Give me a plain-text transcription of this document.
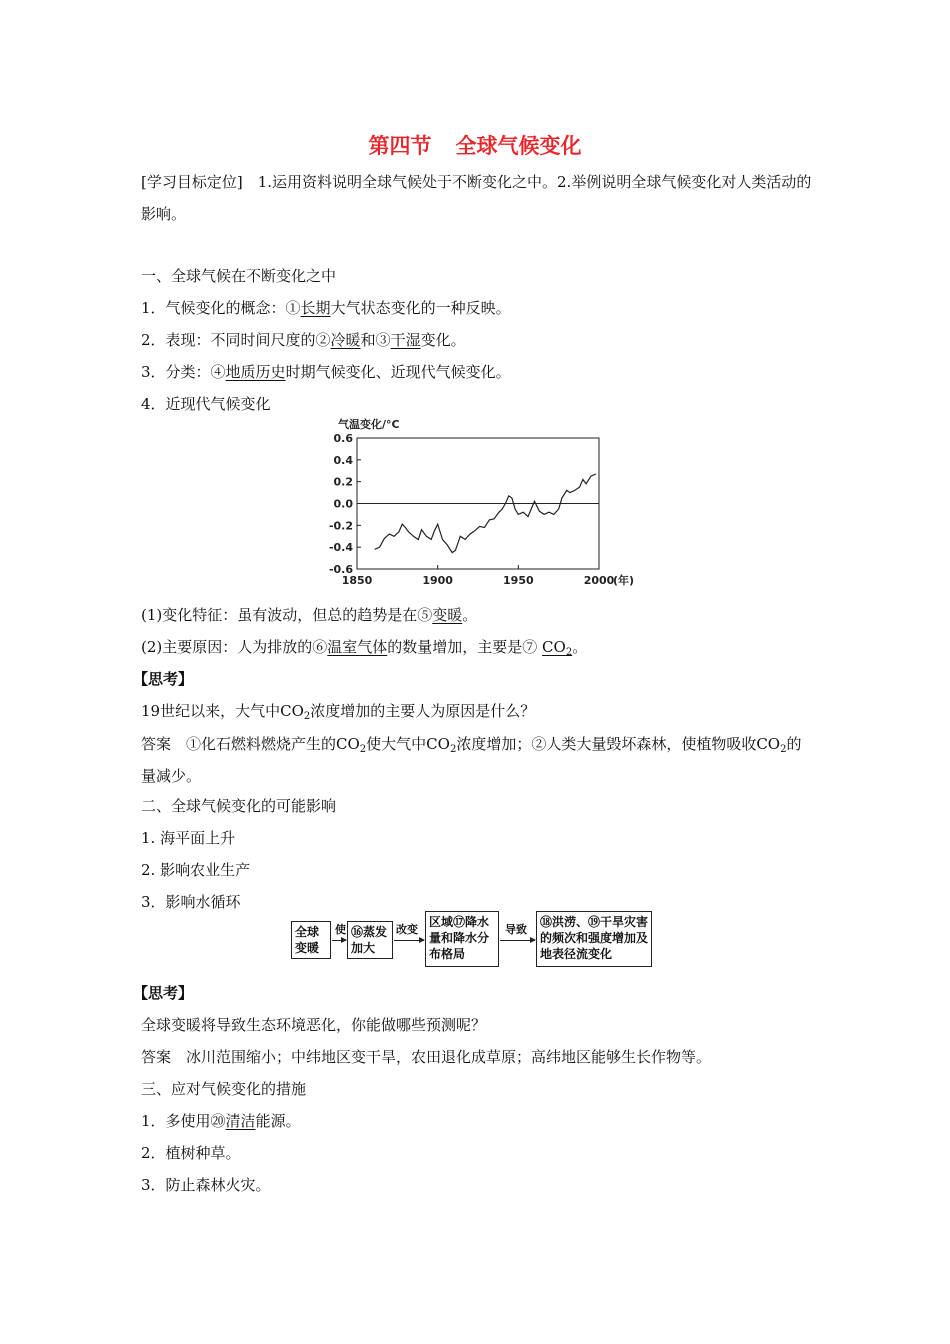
第四节 全球气候变化
[学习目标定位]　1.运用资料说明全球气候处于不断变化之中。2.举例说明全球气候变化对人类活动的影响。
一、全球气候在不断变化之中
1．气候变化的概念：①长期大气状态变化的一种反映。
2．表现：不同时间尺度的②冷暖和③干湿变化。
3．分类：④地质历史时期气候变化、近现代气候变化。
4．近现代气候变化
气温变化/°C
0.6
0.4
0.2
0.0
-0.2
-0.4
-0.6
1850	1900	1950	2000
(年)
(1)变化特征：虽有波动，但总的趋势是在⑤变暖。
(2)主要原因：人为排放的⑥温室气体的数量增加，主要是⑦ $CO_2$。
【思考】
19世纪以来，大气中$CO_2$浓度增加的主要人为原因是什么？
答案　①化石燃料燃烧产生的$CO_2$使大气中$CO_2$浓度增加；②人类大量毁坏森林，使植物吸收$CO_2$的量减少。
二、全球气候变化的可能影响
1. 海平面上升
2. 影响农业生产
3．影响水循环
全球变暖
使 ⑯蒸发加大
改变
区域⑰降水量和降水分布格局
导致
⑱洪涝、⑲干旱灾害的频次和强度增加及地表径流变化
【思考】
全球变暖将导致生态环境恶化，你能做哪些预测呢？
答案　冰川范围缩小；中纬地区变干旱，农田退化成草原；高纬地区能够生长作物等。
三、应对气候变化的措施
1．多使用⑳清洁能源。
2．植树种草。
3．防止森林火灾。
